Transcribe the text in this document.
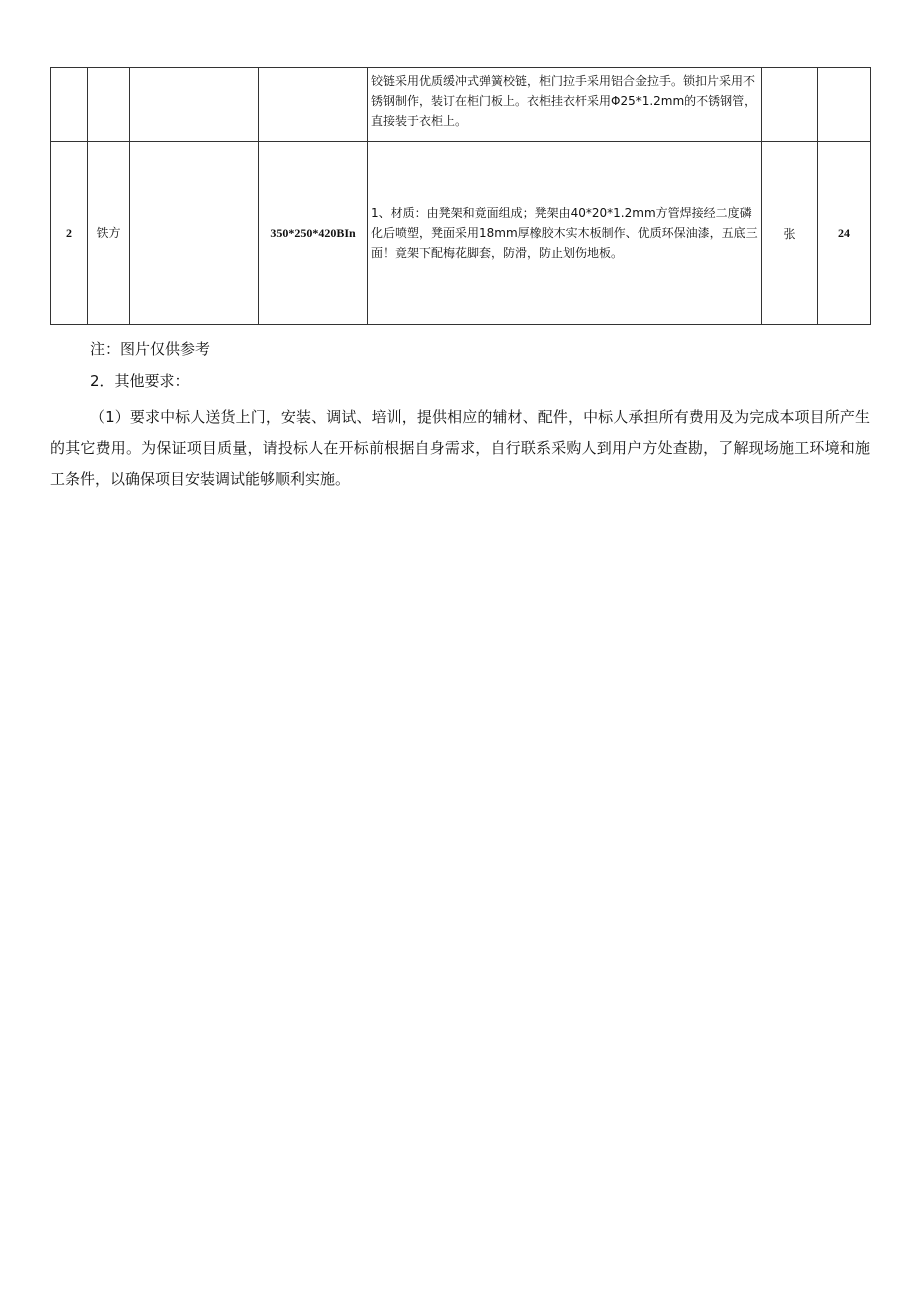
				铰链采用优质缓冲式弹簧校链，柜门拉手采用铝合金拉手。锁扣片采用不锈钢制作，装订在柜门板上。衣柜挂衣杆采用Φ25*1.2mm的不锈钢管，直接装于衣柜上。		
2	铁方		350*250*420BIn	1、材质：由凳架和竟面组成；凳架由40*20*1.2mm方管焊接经二度磷化后喷塑，凳面采用18mm厚橡胶木实木板制作、优质环保油漆，五底三面！竟架下配梅花脚套，防滑，防止划伤地板。	张	24
注：图片仅供参考
2．其他要求：
（1）要求中标人送货上门，安装、调试、培训，提供相应的辅材、配件，中标人承担所有费用及为完成本项目所产生的其它费用。为保证项目质量，请投标人在开标前根据自身需求，自行联系采购人到用户方处查勘，了解现场施工环境和施工条件，以确保项目安装调试能够顺利实施。
